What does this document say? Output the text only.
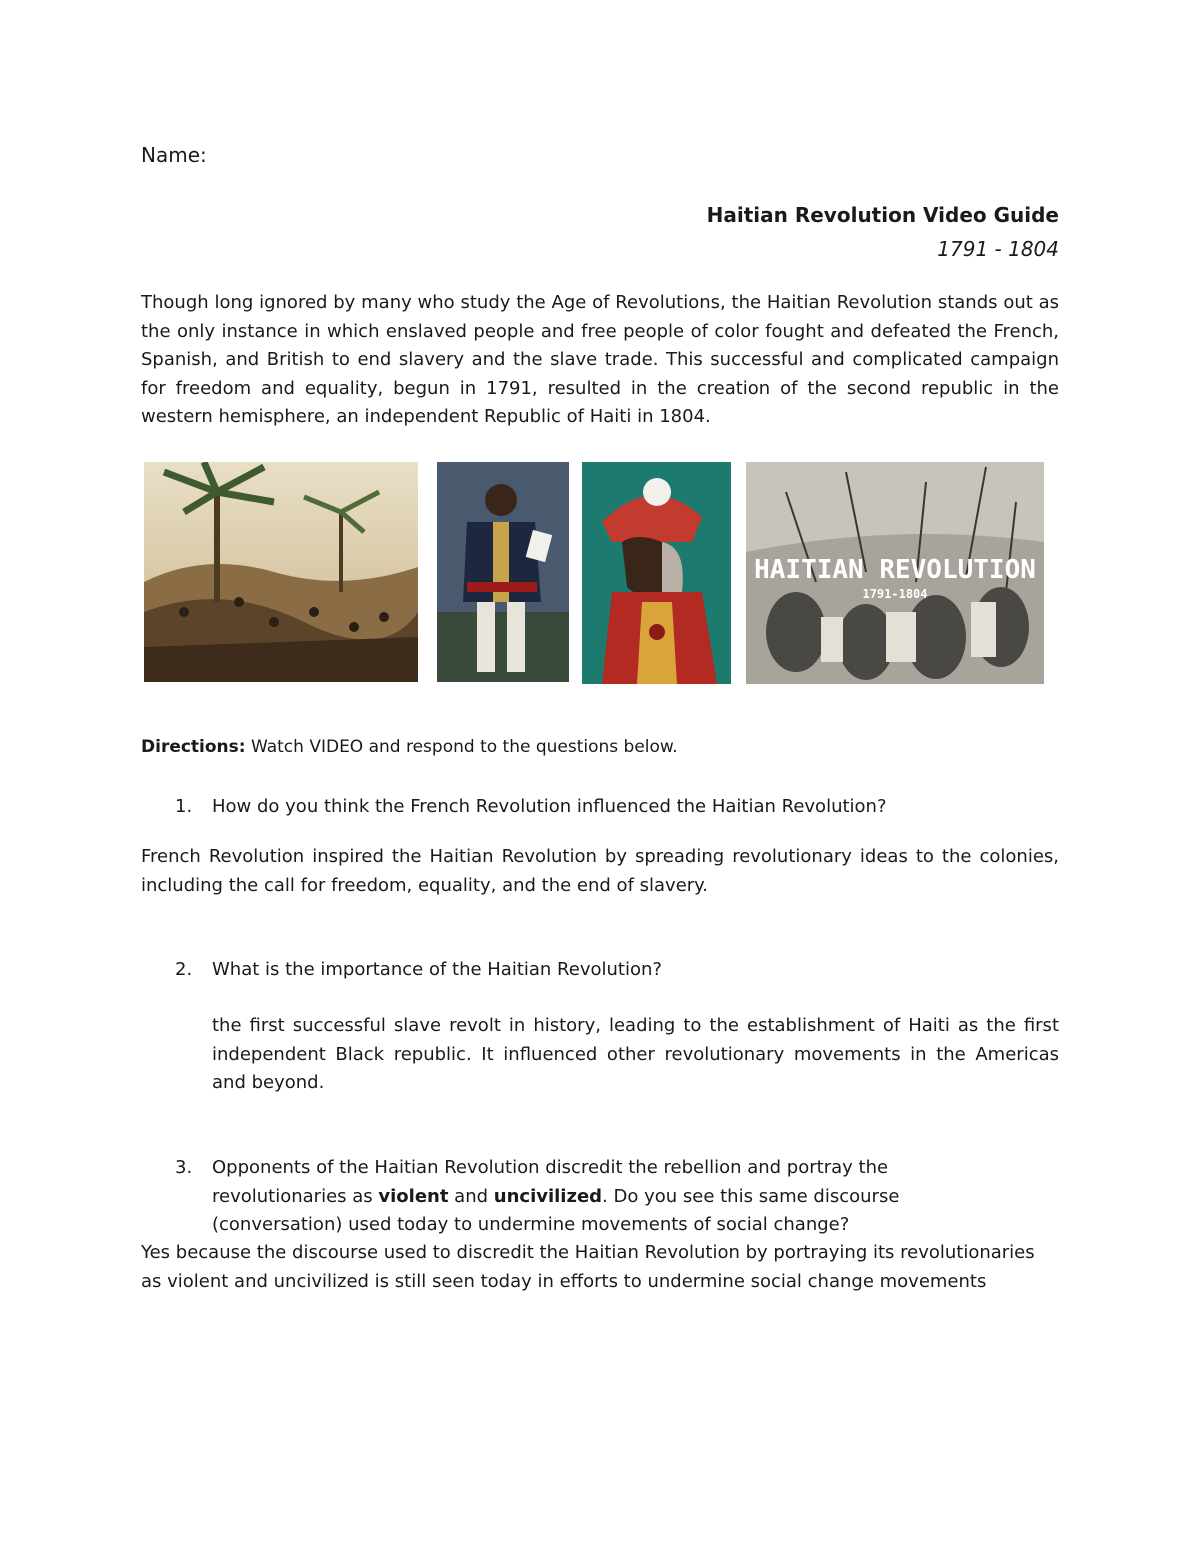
Name:
Haitian Revolution Video Guide
1791 - 1804
Though long ignored by many who study the Age of Revolutions, the Haitian Revolution stands out as the only instance in which enslaved people and free people of color fought and defeated the French, Spanish, and British to end slavery and the slave trade. This successful and complicated campaign for freedom and equality, begun in 1791, resulted in the creation of the second republic in the western hemisphere, an independent Republic of Haiti in 1804.
HAITIAN REVOLUTION
1791-1804
Directions: Watch VIDEO and respond to the questions below.
1. How do you think the French Revolution influenced the Haitian Revolution?
French Revolution inspired the Haitian Revolution by spreading revolutionary ideas to the colonies, including the call for freedom, equality, and the end of slavery.
2. What is the importance of the Haitian Revolution?
the first successful slave revolt in history, leading to the establishment of Haiti as the first independent Black republic. It influenced other revolutionary movements in the Americas and beyond.
3. Opponents of the Haitian Revolution discredit the rebellion and portray the revolutionaries as violent and uncivilized. Do you see this same discourse (conversation) used today to undermine movements of social change?
Yes because the discourse used to discredit the Haitian Revolution by portraying its revolutionaries as violent and uncivilized is still seen today in efforts to undermine social change movements
